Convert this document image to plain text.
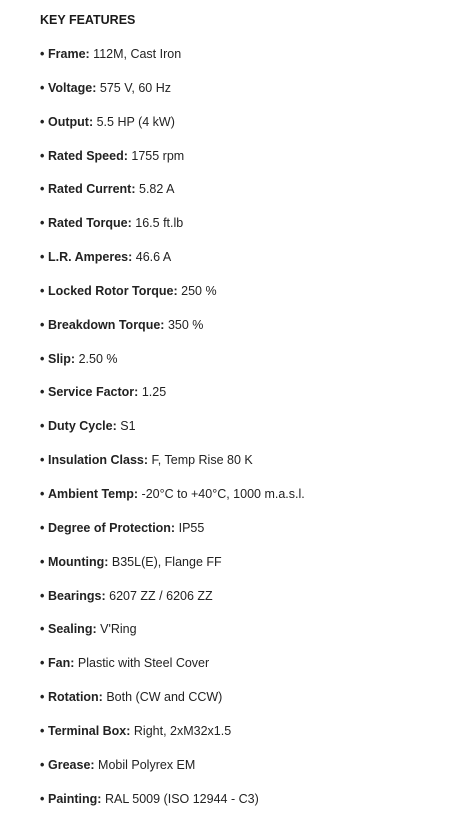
KEY FEATURES
• Frame: 112M, Cast Iron
• Voltage: 575 V, 60 Hz
• Output: 5.5 HP (4 kW)
• Rated Speed: 1755 rpm
• Rated Current: 5.82 A
• Rated Torque: 16.5 ft.lb
• L.R. Amperes: 46.6 A
• Locked Rotor Torque: 250 %
• Breakdown Torque: 350 %
• Slip: 2.50 %
• Service Factor: 1.25
• Duty Cycle: S1
• Insulation Class: F, Temp Rise 80 K
• Ambient Temp: -20°C to +40°C, 1000 m.a.s.l.
• Degree of Protection: IP55
• Mounting: B35L(E), Flange FF
• Bearings: 6207 ZZ / 6206 ZZ
• Sealing: V'Ring
• Fan: Plastic with Steel Cover
• Rotation: Both (CW and CCW)
• Terminal Box: Right, 2xM32x1.5
• Grease: Mobil Polyrex EM
• Painting: RAL 5009 (ISO 12944 - C3)
